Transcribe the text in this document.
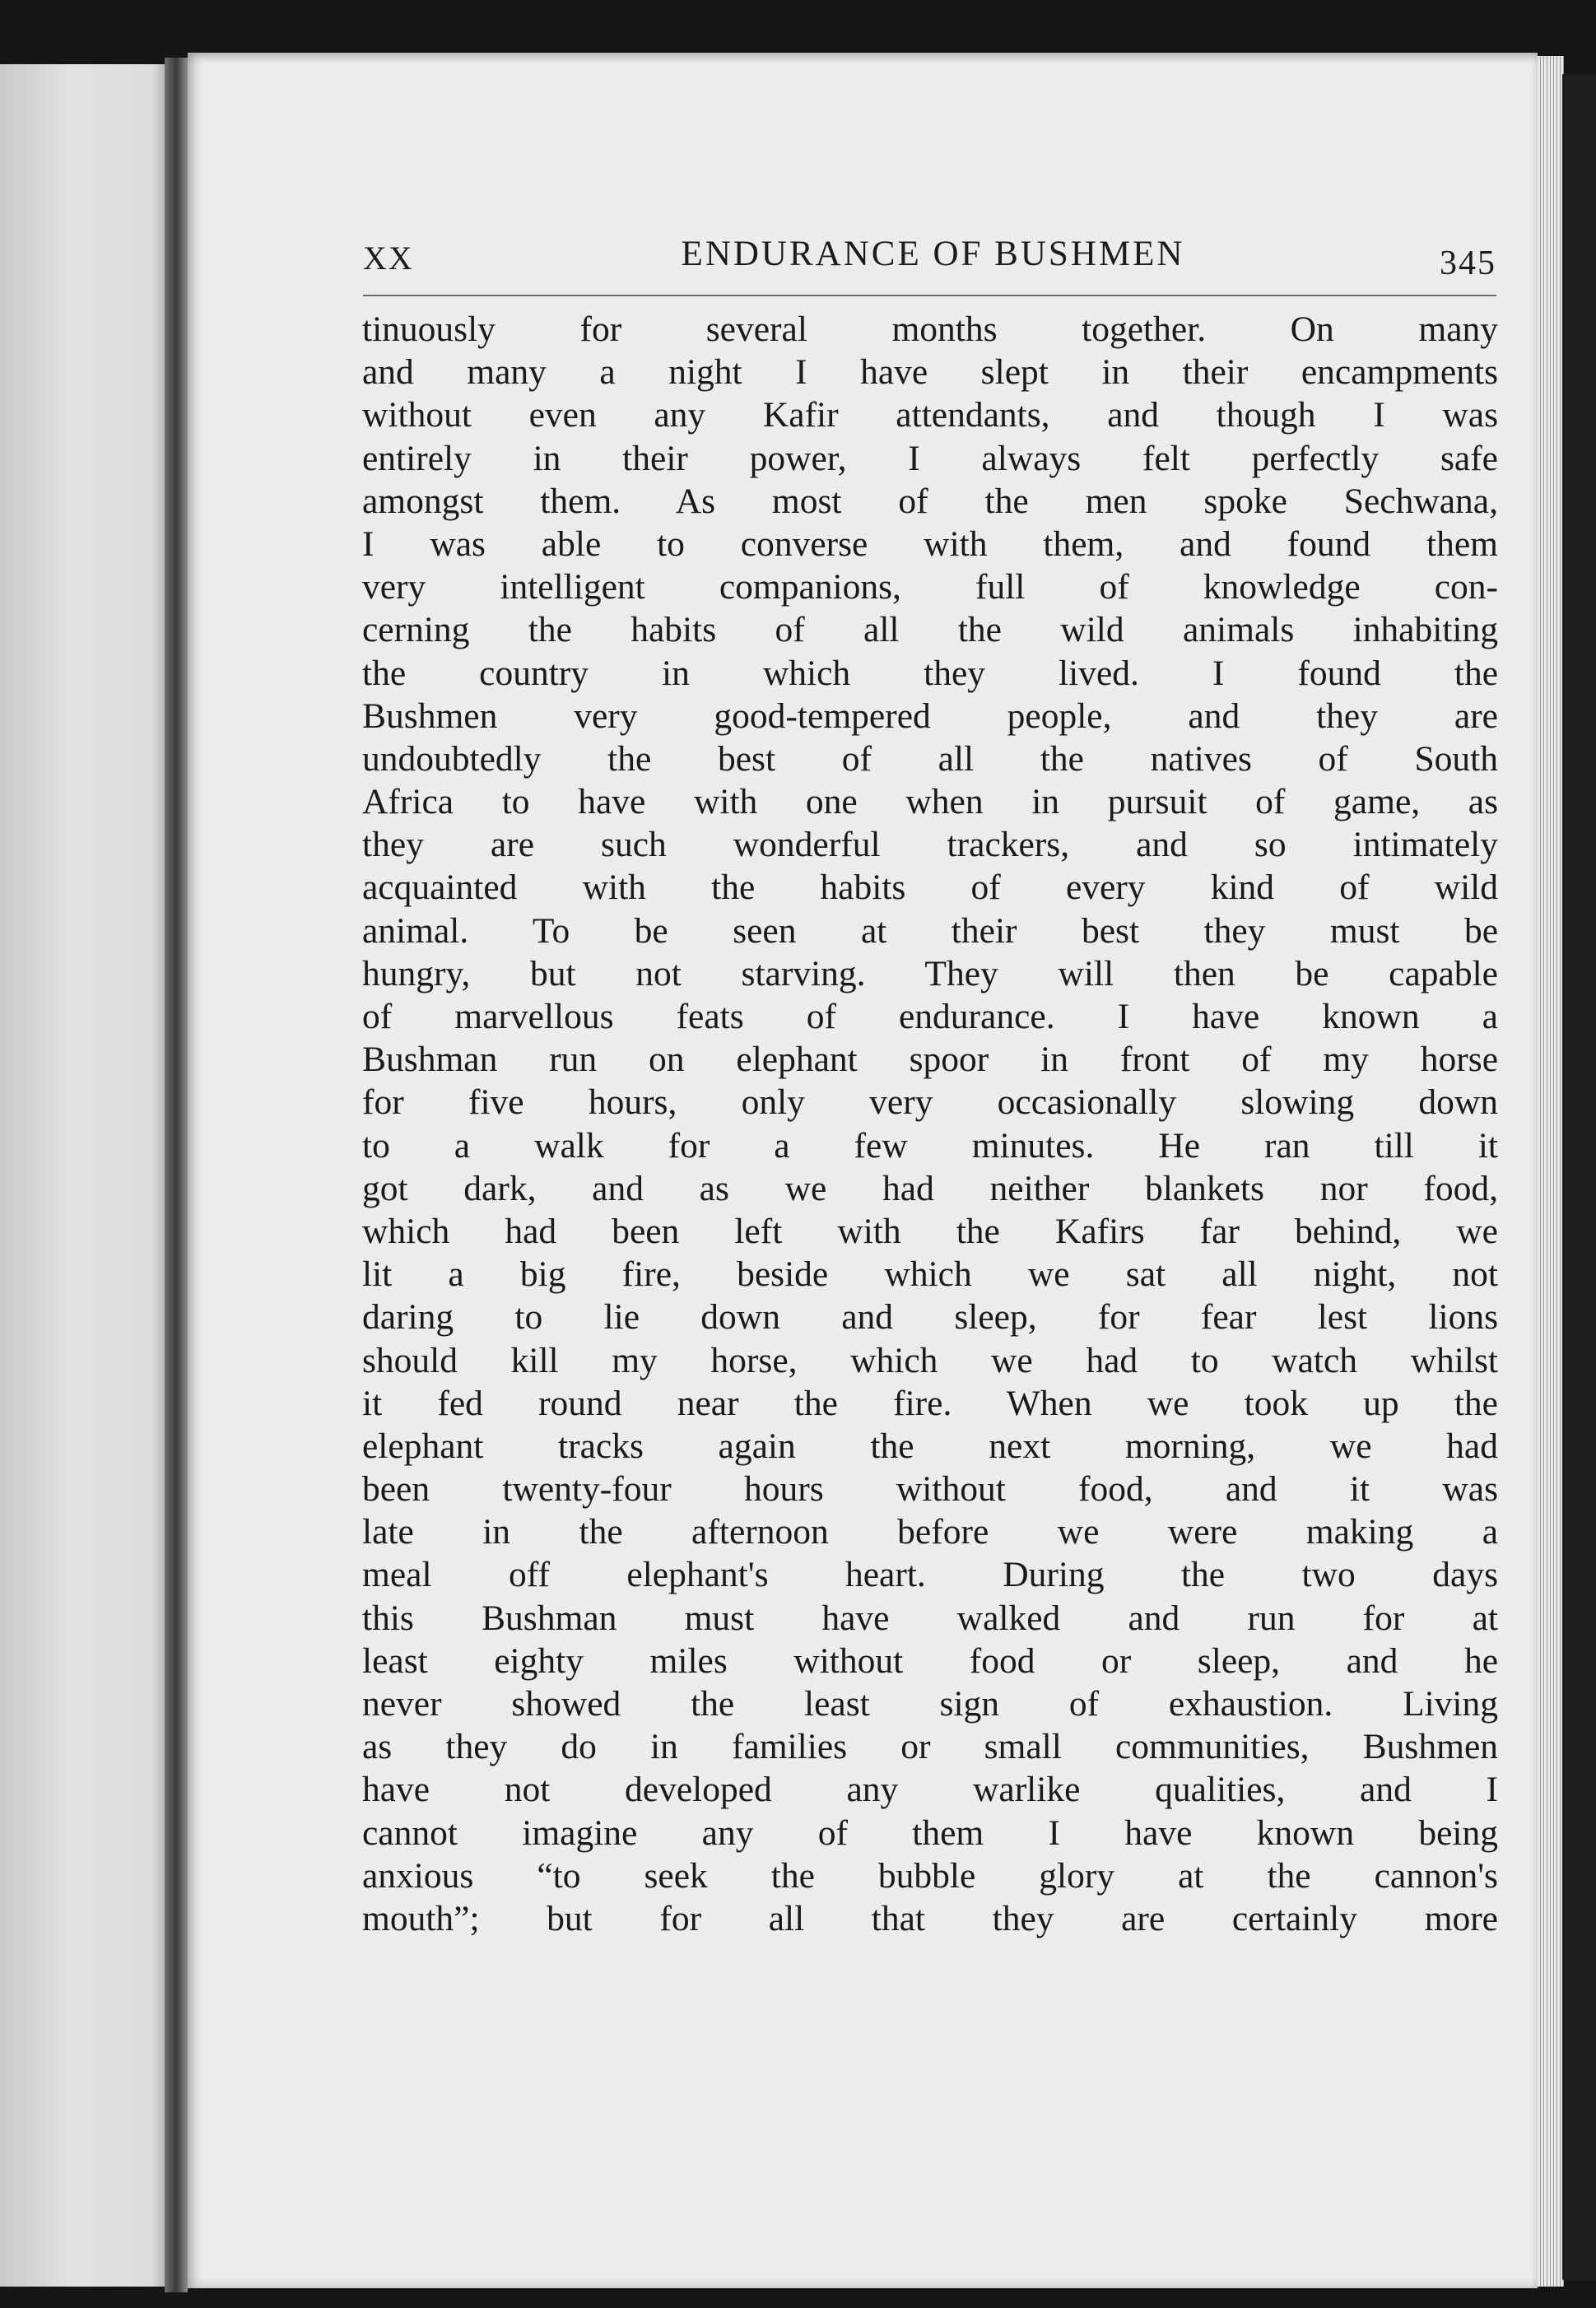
XX	ENDURANCE OF BUSHMEN	345
tinuously for several months together. On many
and many a night I have slept in their encampments
without even any Kafir attendants, and though I was
entirely in their power, I always felt perfectly safe
amongst them. As most of the men spoke Sechwana,
I was able to converse with them, and found them
very intelligent companions, full of knowledge con-
cerning the habits of all the wild animals inhabiting
the country in which they lived. I found the
Bushmen very good-tempered people, and they are
undoubtedly the best of all the natives of South
Africa to have with one when in pursuit of game, as
they are such wonderful trackers, and so intimately
acquainted with the habits of every kind of wild
animal. To be seen at their best they must be
hungry, but not starving. They will then be capable
of marvellous feats of endurance. I have known a
Bushman run on elephant spoor in front of my horse
for five hours, only very occasionally slowing down
to a walk for a few minutes. He ran till it
got dark, and as we had neither blankets nor food,
which had been left with the Kafirs far behind, we
lit a big fire, beside which we sat all night, not
daring to lie down and sleep, for fear lest lions
should kill my horse, which we had to watch whilst
it fed round near the fire. When we took up the
elephant tracks again the next morning, we had
been twenty-four hours without food, and it was
late in the afternoon before we were making a
meal off elephant's heart. During the two days
this Bushman must have walked and run for at
least eighty miles without food or sleep, and he
never showed the least sign of exhaustion. Living
as they do in families or small communities, Bushmen
have not developed any warlike qualities, and I
cannot imagine any of them I have known being
anxious “to seek the bubble glory at the cannon's
mouth”; but for all that they are certainly more
